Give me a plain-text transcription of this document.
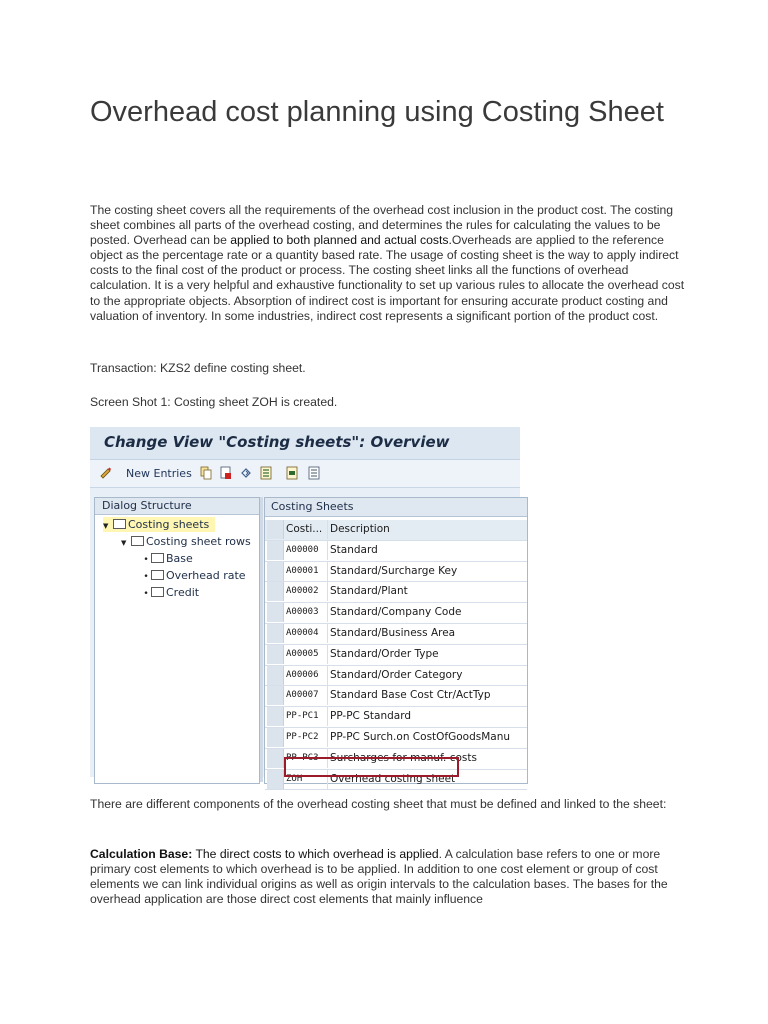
Overhead cost planning using Costing Sheet

The costing sheet covers all the requirements of the overhead cost inclusion in the product cost. The costing sheet combines all parts of the overhead costing, and determines the rules for calculating the values to be posted. Overhead can be applied to both planned and actual costs.Overheads are applied to the reference object as the percentage rate or a quantity based rate. The usage of costing sheet is the way to apply indirect costs to the final cost of the product or process. The costing sheet links all the functions of overhead calculation. It is a very helpful and exhaustive functionality to set up various rules to allocate the overhead cost to the appropriate objects. Absorption of indirect cost is important for ensuring accurate product costing and valuation of inventory. In some industries, indirect cost represents a significant portion of the product cost.

Transaction: KZS2 define costing sheet.

Screen Shot 1: Costing sheet ZOH is created.

Change View "Costing sheets": Overview
New Entries
Dialog Structure
▼ Costing sheets
▼ Costing sheet rows
• Base
• Overhead rate
• Credit
Costing Sheets
Costi... Description
A00000	Standard
A00001	Standard/Surcharge Key
A00002	Standard/Plant
A00003	Standard/Company Code
A00004	Standard/Business Area
A00005	Standard/Order Type
A00006	Standard/Order Category
A00007	Standard Base Cost Ctr/ActTyp
PP-PC1	PP-PC Standard
PP-PC2	PP-PC Surch.on CostOfGoodsManu
PP-PC3	Surcharges for manuf. costs
ZOH	Overhead costing sheet

There are different components of the overhead costing sheet that must be defined and linked to the sheet:

Calculation Base: The direct costs to which overhead is applied. A calculation base refers to one or more primary cost elements to which overhead is to be applied. In addition to one cost element or group of cost elements we can link individual origins as well as origin intervals to the calculation bases. The bases for the overhead application are those direct cost elements that mainly influence
